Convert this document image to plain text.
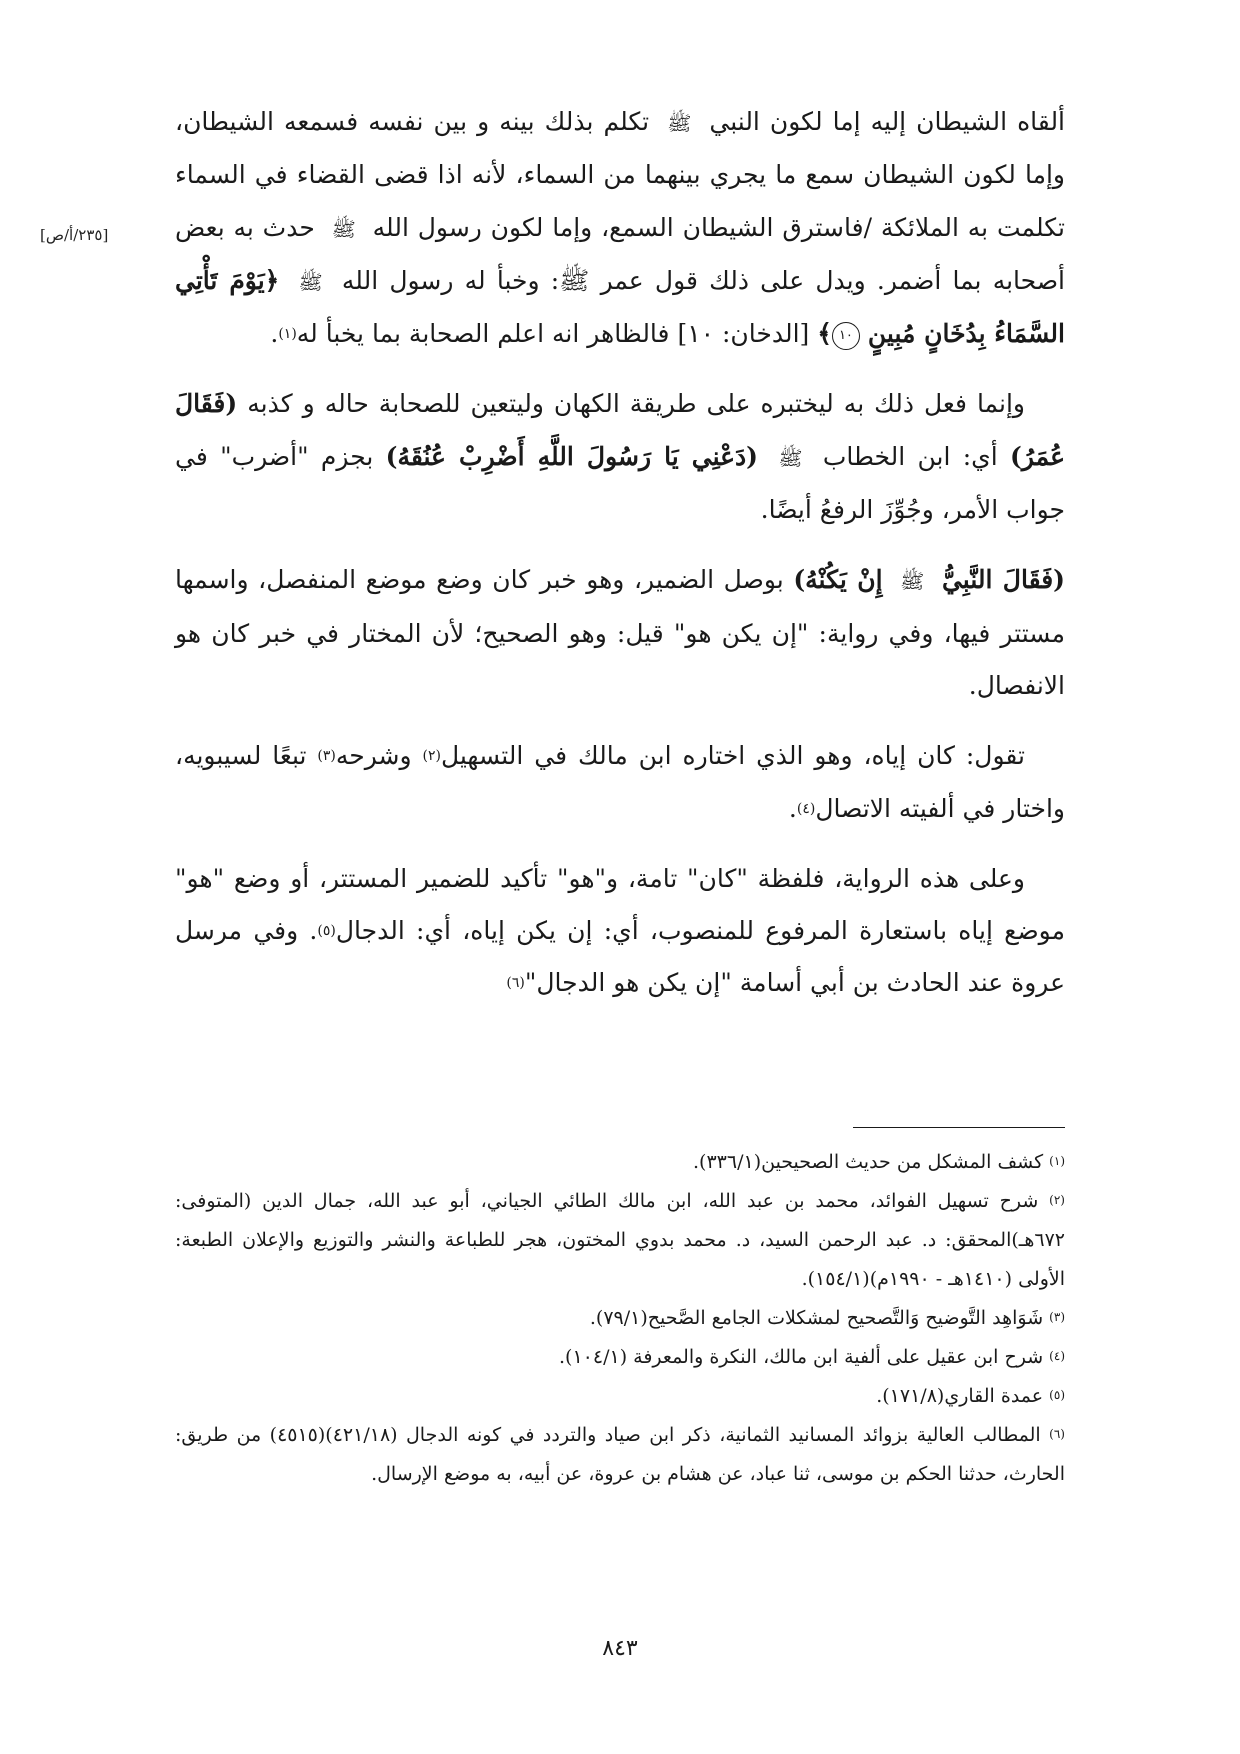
[٢٣٥/أ/ص]

ألقاه الشيطان إليه إما لكون النبي ﷺ تكلم بذلك بينه و بين نفسه فسمعه الشيطان، وإما لكون الشيطان سمع ما يجري بينهما من السماء، لأنه اذا قضى القضاء في السماء تكلمت به الملائكة /فاسترق الشيطان السمع، وإما لكون رسول الله ﷺ حدث به بعض أصحابه بما أضمر. ويدل على ذلك قول عمر ﷺ: وخبأ له رسول الله ﷺ ﴿يَوْمَ تَأْتِي السَّمَاءُ بِدُخَانٍ مُبِينٍ ١٠﴾ [الدخان: ١٠] فالظاهر انه اعلم الصحابة بما يخبأ له$^{(١)}$.

وإنما فعل ذلك به ليختبره على طريقة الكهان وليتعين للصحابة حاله و كذبه (فَقَالَ عُمَرُ) أي: ابن الخطاب ﷺ (دَعْنِي يَا رَسُولَ اللَّهِ أَضْرِبْ عُنُقَهُ) بجزم "أضرب" في جواب الأمر، وجُوِّزَ الرفعُ أيضًا.

(فَقَالَ النَّبِيُّ ﷺ إِنْ يَكُنْهُ) بوصل الضمير، وهو خبر كان وضع موضع المنفصل، واسمها مستتر فيها، وفي رواية: "إن يكن هو" قيل: وهو الصحيح؛ لأن المختار في خبر كان هو الانفصال.

تقول: كان إياه، وهو الذي اختاره ابن مالك في التسهيل$^{(٢)}$ وشرحه$^{(٣)}$ تبعًا لسيبويه، واختار في ألفيته الاتصال$^{(٤)}$.

وعلى هذه الرواية، فلفظة "كان" تامة، و"هو" تأكيد للضمير المستتر، أو وضع "هو" موضع إياه باستعارة المرفوع للمنصوب، أي: إن يكن إياه، أي: الدجال$^{(٥)}$. وفي مرسل عروة عند الحادث بن أبي أسامة "إن يكن هو الدجال"$^{(٦)}$

$^{(١)}$ كشف المشكل من حديث الصحيحين(٣٣٦/١).

$^{(٢)}$ شرح تسهيل الفوائد، محمد بن عبد الله، ابن مالك الطائي الجياني، أبو عبد الله، جمال الدين (المتوفى: ٦٧٢هـ)المحقق: د. عبد الرحمن السيد، د. محمد بدوي المختون، هجر للطباعة والنشر والتوزيع والإعلان الطبعة: الأولى (١٤١٠هـ - ١٩٩٠م)(١٥٤/١).

$^{(٣)}$ شَوَاهِد التَّوضيح وَالتَّصحيح لمشكلات الجامع الصَّحيح(٧٩/١).

$^{(٤)}$ شرح ابن عقيل على ألفية ابن مالك، النكرة والمعرفة (١٠٤/١).

$^{(٥)}$ عمدة القاري(١٧١/٨).

$^{(٦)}$ المطالب العالية بزوائد المسانيد الثمانية، ذكر ابن صياد والتردد في كونه الدجال (٤٢١/١٨)(٤٥١٥) من طريق: الحارث، حدثنا الحكم بن موسى، ثنا عباد، عن هشام بن عروة، عن أبيه، به موضع الإرسال.

٨٤٣
